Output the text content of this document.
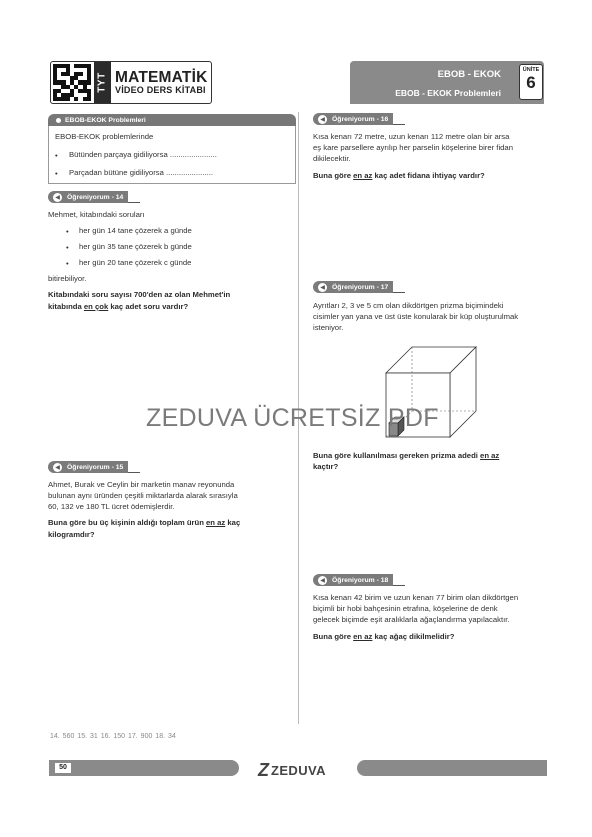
TYT MATEMATİK
VİDEO DERS KİTABI
EBOB - EKOK
EBOB - EKOK Problemleri
ÜNİTE
6
EBOB-EKOK Problemleri
EBOB-EKOK problemlerinde
• Bütünden parçaya gidiliyorsa ......................
• Parçadan bütüne gidiliyorsa ......................
◀	Öğreniyorum - 14
Mehmet, kitabındaki soruları
• her gün 14 tane çözerek a günde
• her gün 35 tane çözerek b günde
• her gün 20 tane çözerek c günde
bitirebiliyor.
Kitabındaki soru sayısı 700'den az olan Mehmet'in
kitabında en çok kaç adet soru vardır?
◀	Öğreniyorum - 15
Ahmet, Burak ve Ceylin bir marketin manav reyonunda
bulunan aynı üründen çeşitli miktarlarda alarak sırasıyla
60, 132 ve 180 TL ücret ödemişlerdir.
Buna göre bu üç kişinin aldığı toplam ürün en az kaç
kilogramdır?
◀	Öğreniyorum - 16
Kısa kenarı 72 metre, uzun kenarı 112 metre olan bir arsa
eş kare parsellere ayrılıp her parselin köşelerine birer fidan
dikilecektir.
Buna göre en az kaç adet fidana ihtiyaç vardır?
◀	Öğreniyorum - 17
Ayrıtları 2, 3 ve 5 cm olan dikdörtgen prizma biçimindeki
cisimler yan yana ve üst üste konularak bir küp oluşturulmak
isteniyor.
Buna göre kullanılması gereken prizma adedi en az
kaçtır?
◀	Öğreniyorum - 18
Kısa kenarı 42 birim ve uzun kenarı 77 birim olan dikdörtgen
biçimli bir hobi bahçesinin etrafına, köşelerine de denk
gelecek biçimde eşit aralıklarla ağaçlandırma yapılacaktır.
Buna göre en az kaç ağaç dikilmelidir?
ZEDUVA ÜCRETSİZ PDF
14. 560 15. 31 16. 150 17. 900 18. 34
50	Z ZEDUVA
